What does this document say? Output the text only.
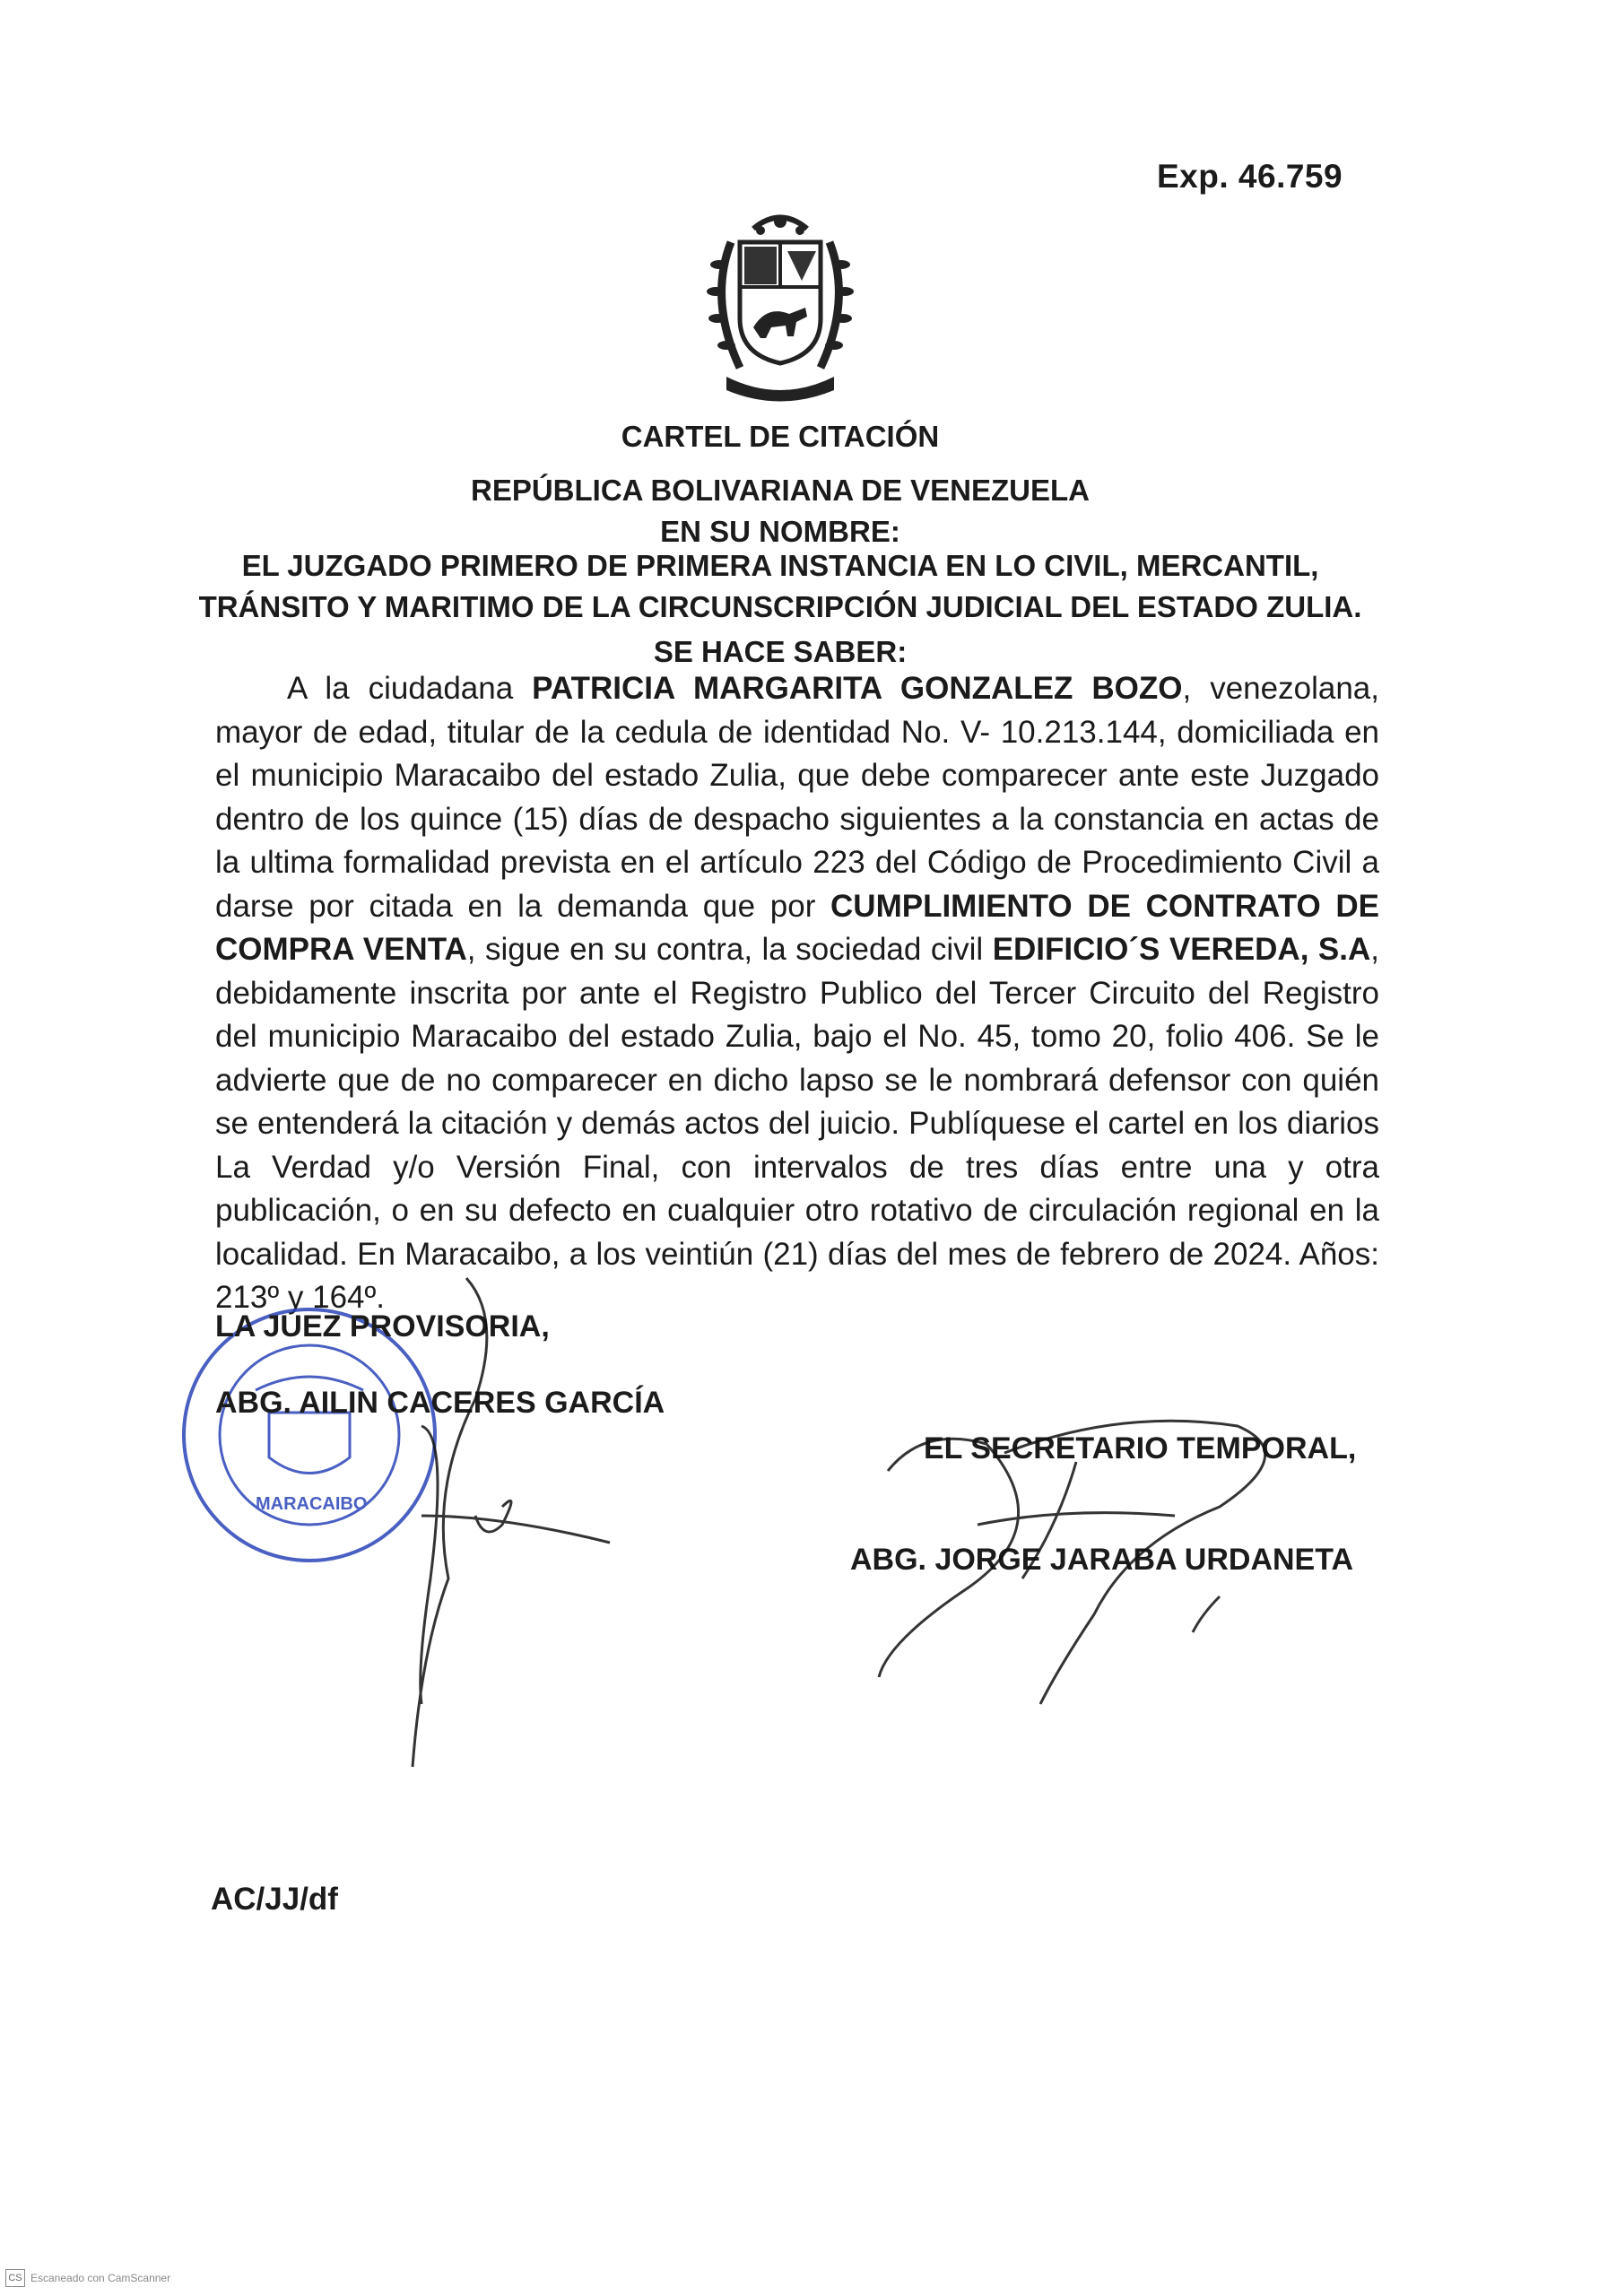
Exp. 46.759
CARTEL DE CITACIÓN
REPÚBLICA BOLIVARIANA DE VENEZUELA
EN SU NOMBRE:
EL JUZGADO PRIMERO DE PRIMERA INSTANCIA EN LO CIVIL, MERCANTIL,
TRÁNSITO Y MARITIMO DE LA CIRCUNSCRIPCIÓN JUDICIAL DEL ESTADO ZULIA.
SE HACE SABER:
A la ciudadana PATRICIA MARGARITA GONZALEZ BOZO, venezolana, mayor de edad, titular de la cedula de identidad No. V- 10.213.144, domiciliada en el municipio Maracaibo del estado Zulia, que debe comparecer ante este Juzgado dentro de los quince (15) días de despacho siguientes a la constancia en actas de la ultima formalidad prevista en el artículo 223 del Código de Procedimiento Civil a darse por citada en la demanda que por CUMPLIMIENTO DE CONTRATO DE COMPRA VENTA, sigue en su contra, la sociedad civil EDIFICIO´S VEREDA, S.A, debidamente inscrita por ante el Registro Publico del Tercer Circuito del Registro del municipio Maracaibo del estado Zulia, bajo el No. 45, tomo 20, folio 406. Se le advierte que de no comparecer en dicho lapso se le nombrará defensor con quién se entenderá la citación y demás actos del juicio. Publíquese el cartel en los diarios La Verdad y/o Versión Final, con intervalos de tres días entre una y otra publicación, o en su defecto en cualquier otro rotativo de circulación regional en la localidad. En Maracaibo, a los veintiún (21) días del mes de febrero de 2024. Años: 213º y 164º.
MARACAIBO
LA JUEZ PROVISORIA,
ABG. AILIN CACERES GARCÍA
EL SECRETARIO TEMPORAL,
ABG. JORGE JARABA URDANETA
AC/JJ/df
CS Escaneado con CamScanner
